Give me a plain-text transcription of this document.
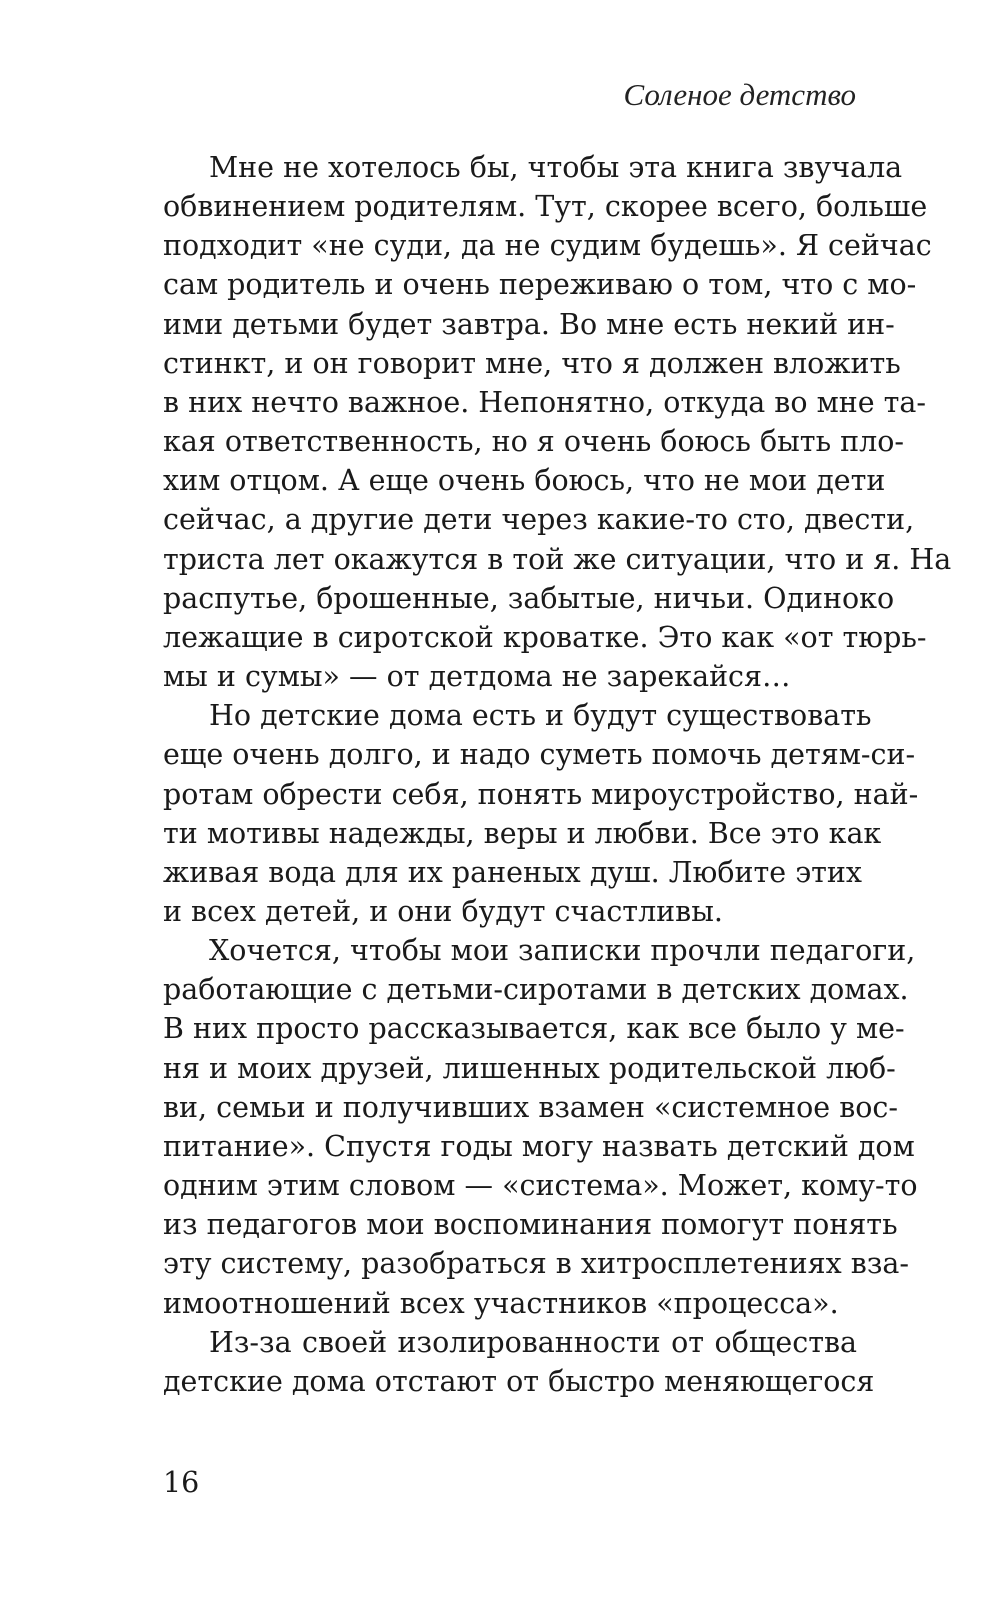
Соленое детство
Мне не хотелось бы, чтобы эта книга звучала
обвинением родителям. Тут, скорее всего, больше
подходит «не суди, да не судим будешь». Я сейчас
сам родитель и очень переживаю о том, что с мо-
ими детьми будет завтра. Во мне есть некий ин-
стинкт, и он говорит мне, что я должен вложить
в них нечто важное. Непонятно, откуда во мне та-
кая ответственность, но я очень боюсь быть пло-
хим отцом. А еще очень боюсь, что не мои дети
сейчас, а другие дети через какие-то сто, двести,
триста лет окажутся в той же ситуации, что и я. На
распутье, брошенные, забытые, ничьи. Одиноко
лежащие в сиротской кроватке. Это как «от тюрь-
мы и сумы» — от детдома не зарекайся…
Но детские дома есть и будут существовать
еще очень долго, и надо суметь помочь детям-си-
ротам обрести себя, понять мироустройство, най-
ти мотивы надежды, веры и любви. Все это как
живая вода для их раненых душ. Любите этих
и всех детей, и они будут счастливы.
Хочется, чтобы мои записки прочли педагоги,
работающие с детьми-сиротами в детских домах.
В них просто рассказывается, как все было у ме-
ня и моих друзей, лишенных родительской люб-
ви, семьи и получивших взамен «системное вос-
питание». Спустя годы могу назвать детский дом
одним этим словом — «система». Может, кому-то
из педагогов мои воспоминания помогут понять
эту систему, разобраться в хитросплетениях вза-
имоотношений всех участников «процесса».
Из-за своей изолированности от общества
детские дома отстают от быстро меняющегося
16
